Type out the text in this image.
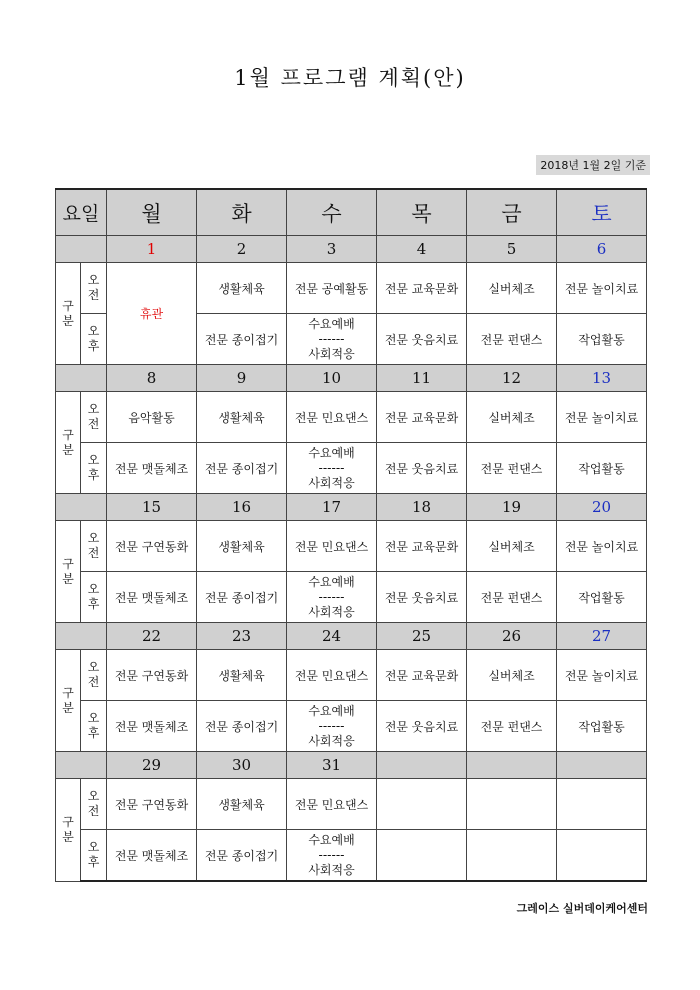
1월 프로그램 계획(안)
2018년 1월 2일 기준
요일		월	화	수	목	금	토
		1	2	3	4	5	6

구
분	오
전	휴관	생활체육	전문 공예활동	전문 교육문화	실버체조	전문 놀이치료

	오
후		전문 종이접기	수요예배
------
사회적응	전문 웃음치료	전문 펀댄스	작업활동
		8	9	10	11	12	13

구
분	오
전	음악활동	생활체육	전문 민요댄스	전문 교육문화	실버체조	전문 놀이치료

	오
후	전문 맷돌체조	전문 종이접기	수요예배
------
사회적응	전문 웃음치료	전문 펀댄스	작업활동
		15	16	17	18	19	20

구
분	오
전	전문 구연동화	생활체육	전문 민요댄스	전문 교육문화	실버체조	전문 놀이치료

	오
후	전문 맷돌체조	전문 종이접기	수요예배
------
사회적응	전문 웃음치료	전문 펀댄스	작업활동
		22	23	24	25	26	27

구
분	오
전	전문 구연동화	생활체육	전문 민요댄스	전문 교육문화	실버체조	전문 놀이치료

	오
후	전문 맷돌체조	전문 종이접기	수요예배
------
사회적응	전문 웃음치료	전문 펀댄스	작업활동
		29	30	31			

구
분	오
전	전문 구연동화	생활체육	전문 민요댄스			

	오
후	전문 맷돌체조	전문 종이접기	수요예배
------
사회적응			

그레이스 실버데이케어센터
